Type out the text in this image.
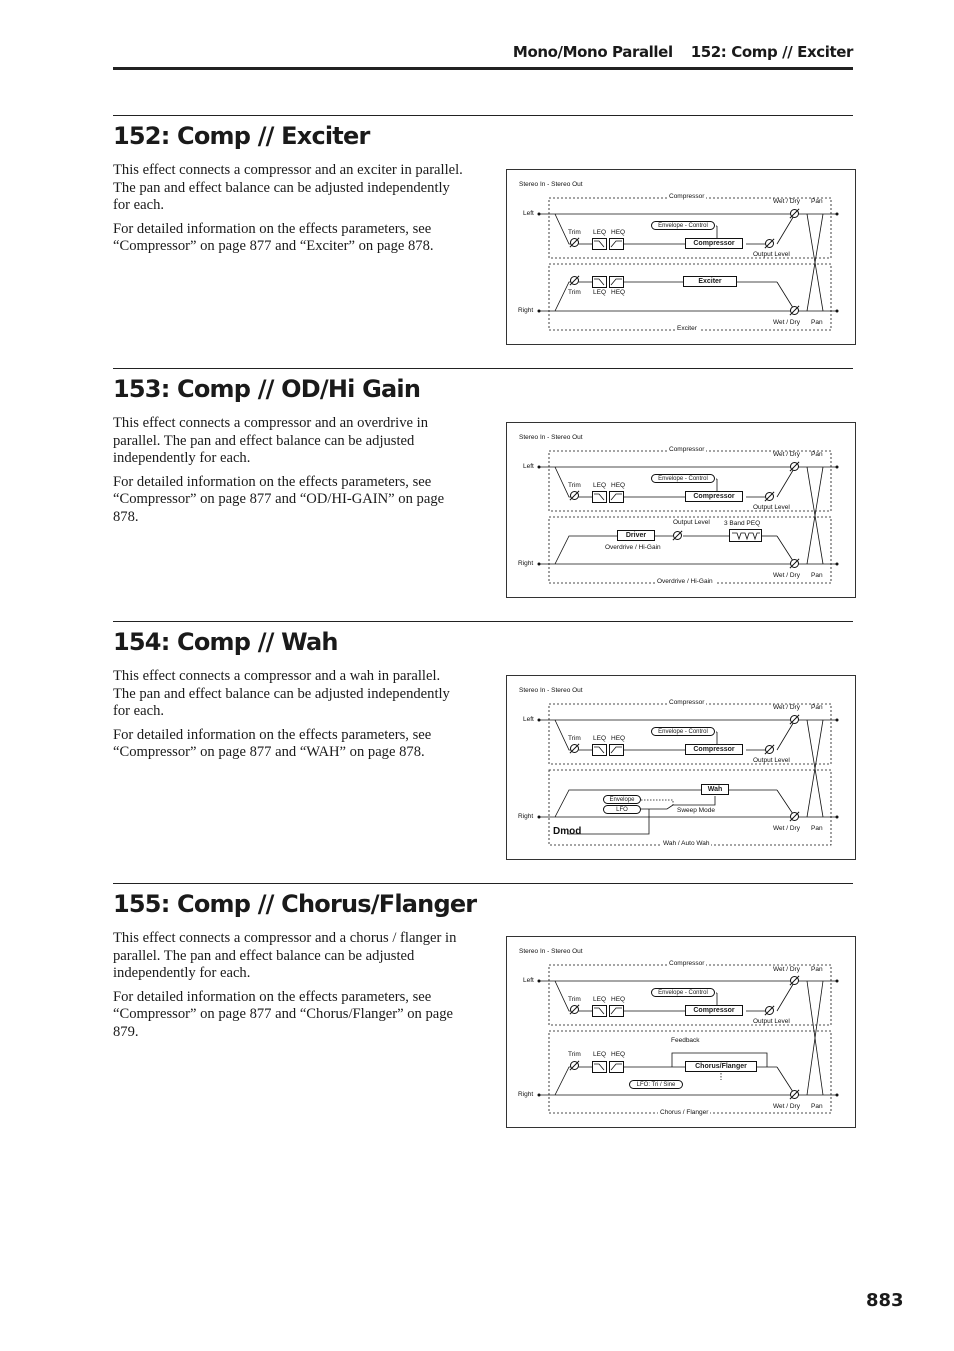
Mono/Mono Parallel 152: Comp // Exciter
152: Comp // Exciter

This effect connects a compressor and an exciter in parallel. The pan and effect balance can be adjusted independently for each.

For detailed information on the effects parameters, see “Compressor” on page 877 and “Exciter” on page 878.

Stereo In - Stereo Out
Left
Right
Compressor
Wet / Dry Pan
Trim LEQ HEQ
Envelope - Control
Compressor
Output Level
Trim LEQ HEQ
Exciter
Wet / Dry Pan
Exciter
153: Comp // OD/Hi Gain

This effect connects a compressor and an overdrive in parallel. The pan and effect balance can be adjusted independently for each.

For detailed information on the effects parameters, see “Compressor” on page 877 and “OD/HI-GAIN” on page 878.

Stereo In - Stereo Out
Left
Right
Compressor
Wet / Dry Pan
Trim LEQ HEQ
Envelope - Control
Compressor
Output Level
Driver
Overdrive / Hi-Gain
Output Level 3 Band PEQ
Wet / Dry Pan
Overdrive / Hi-Gain
154: Comp // Wah

This effect connects a compressor and a wah in parallel. The pan and effect balance can be adjusted independently for each.

For detailed information on the effects parameters, see “Compressor” on page 877 and “WAH” on page 878.

Stereo In - Stereo Out
Left
Right
Compressor
Wet / Dry Pan
Trim LEQ HEQ
Envelope - Control
Compressor
Output Level
Wah
Envelope
LFO	Sweep Mode
Dmod	Wet / Dry Pan
Wah / Auto Wah
155: Comp // Chorus/Flanger

This effect connects a compressor and a chorus / flanger in parallel. The pan and effect balance can be adjusted independently for each.

For detailed information on the effects parameters, see “Compressor” on page 877 and “Chorus/Flanger” on page 879.

Stereo In - Stereo Out
Left
Right
Compressor
Wet / Dry Pan
Trim LEQ HEQ
Envelope - Control
Compressor
Output Level
Trim LEQ HEQ
Feedback
Chorus/Flanger
LFO: Tri / Sine
Wet / Dry Pan
Chorus / Flanger
883
